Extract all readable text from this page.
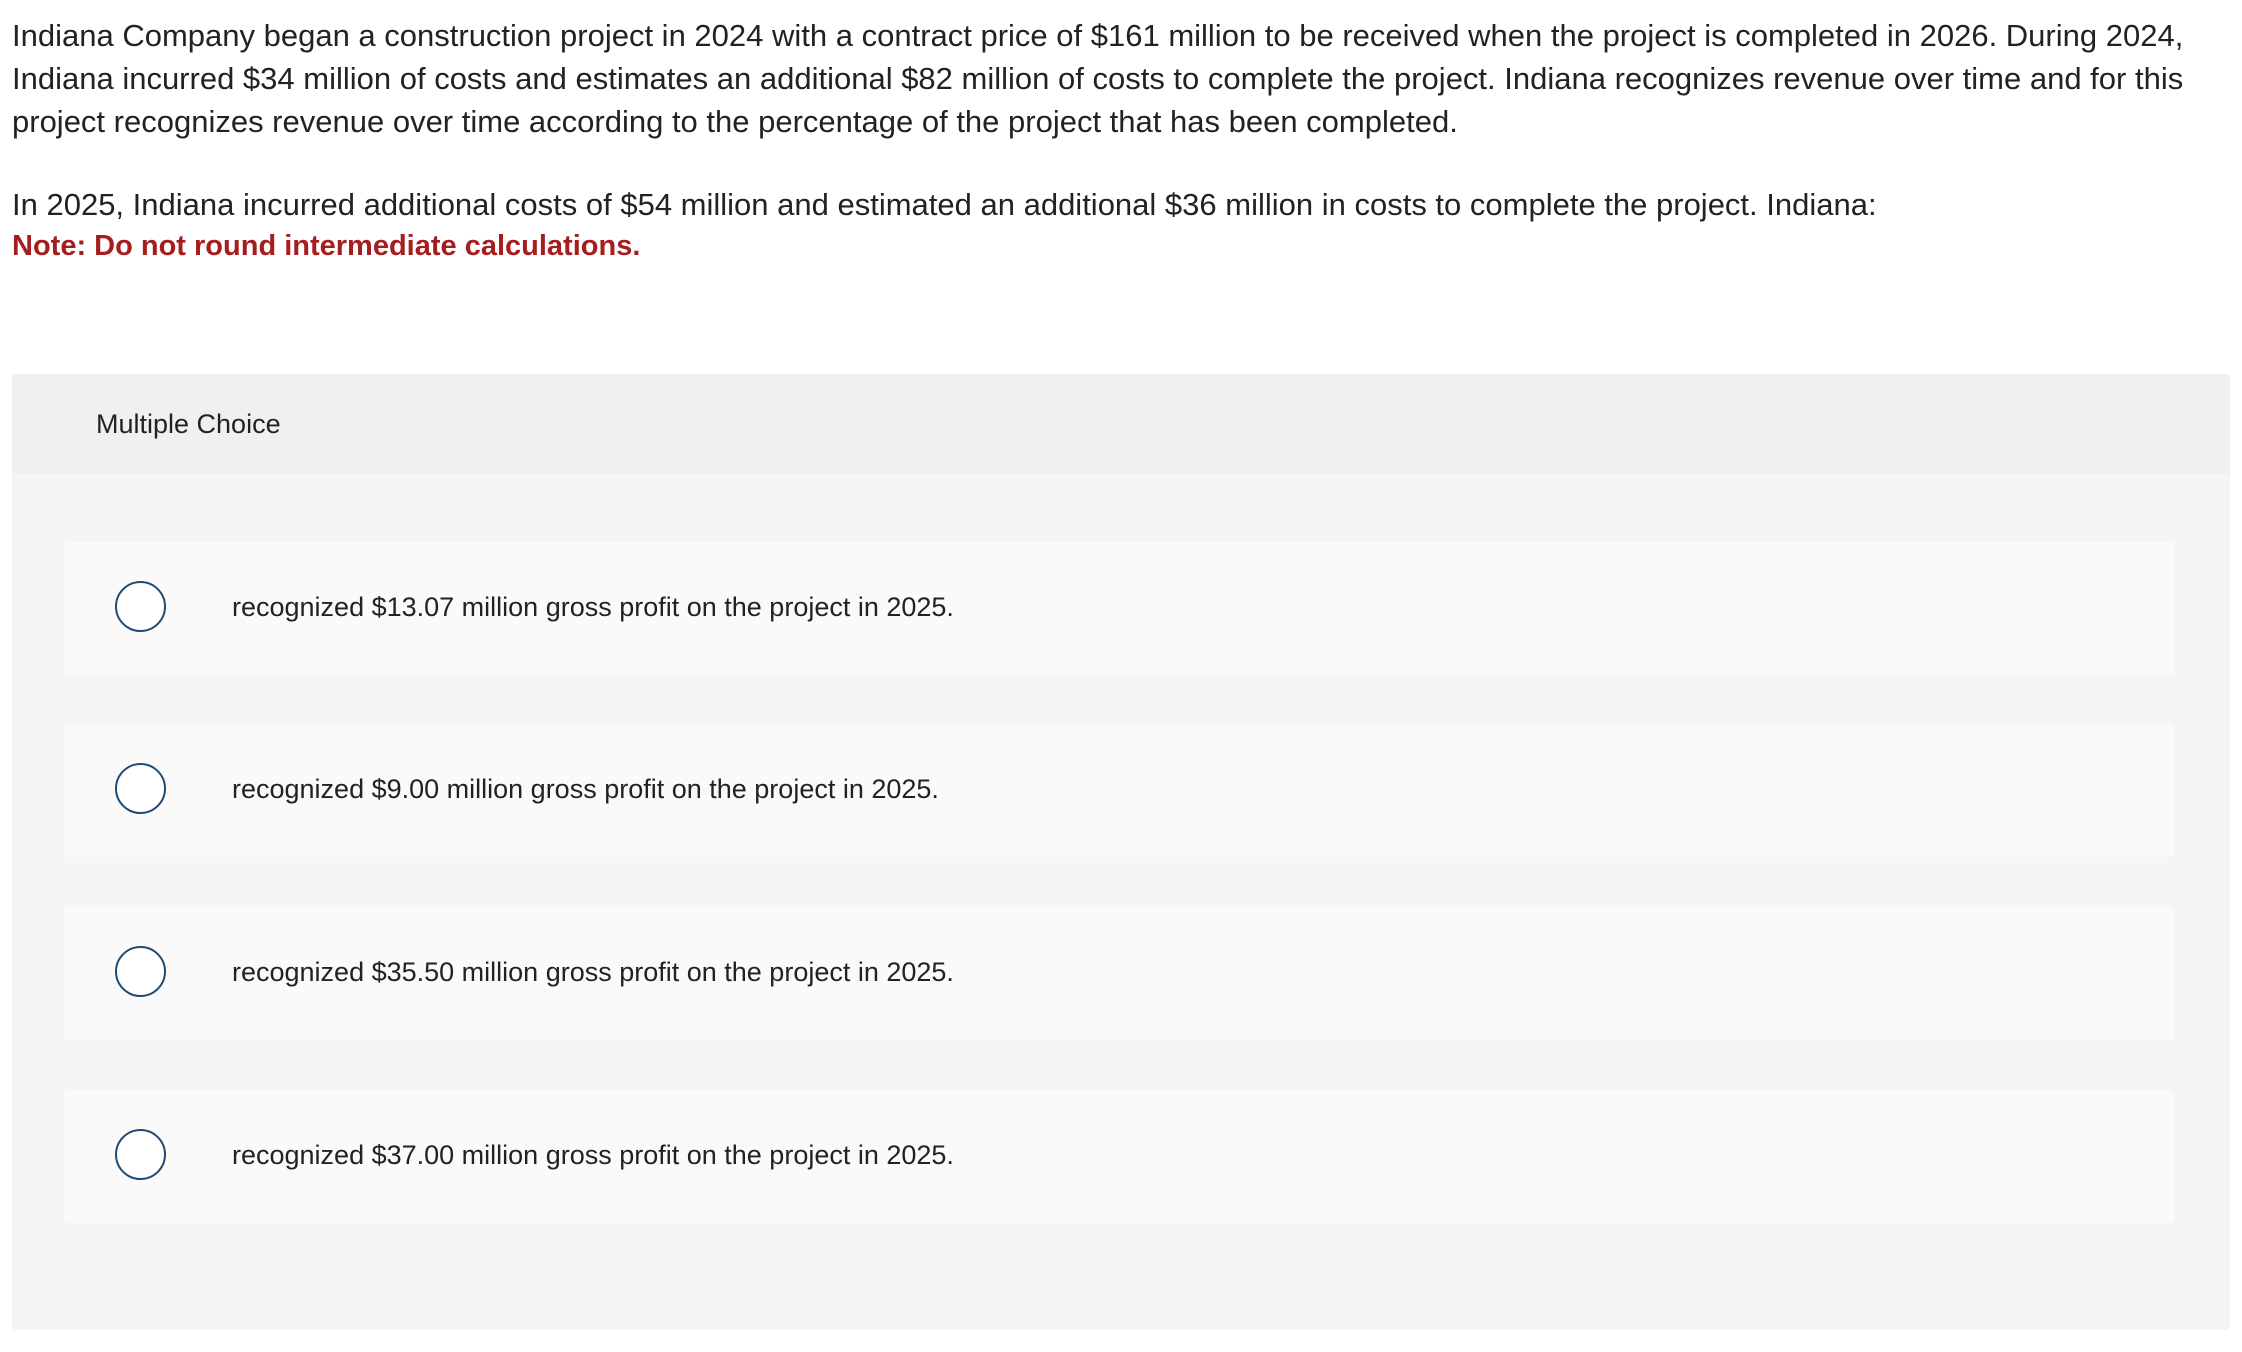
Indiana Company began a construction project in 2024 with a contract price of $161 million to be received when the project is completed in 2026. During 2024, Indiana incurred $34 million of costs and estimates an additional $82 million of costs to complete the project. Indiana recognizes revenue over time and for this project recognizes revenue over time according to the percentage of the project that has been completed.

In 2025, Indiana incurred additional costs of $54 million and estimated an additional $36 million in costs to complete the project. Indiana:

Note: Do not round intermediate calculations.

Multiple Choice
recognized $13.07 million gross profit on the project in 2025.
recognized $9.00 million gross profit on the project in 2025.
recognized $35.50 million gross profit on the project in 2025.
recognized $37.00 million gross profit on the project in 2025.
